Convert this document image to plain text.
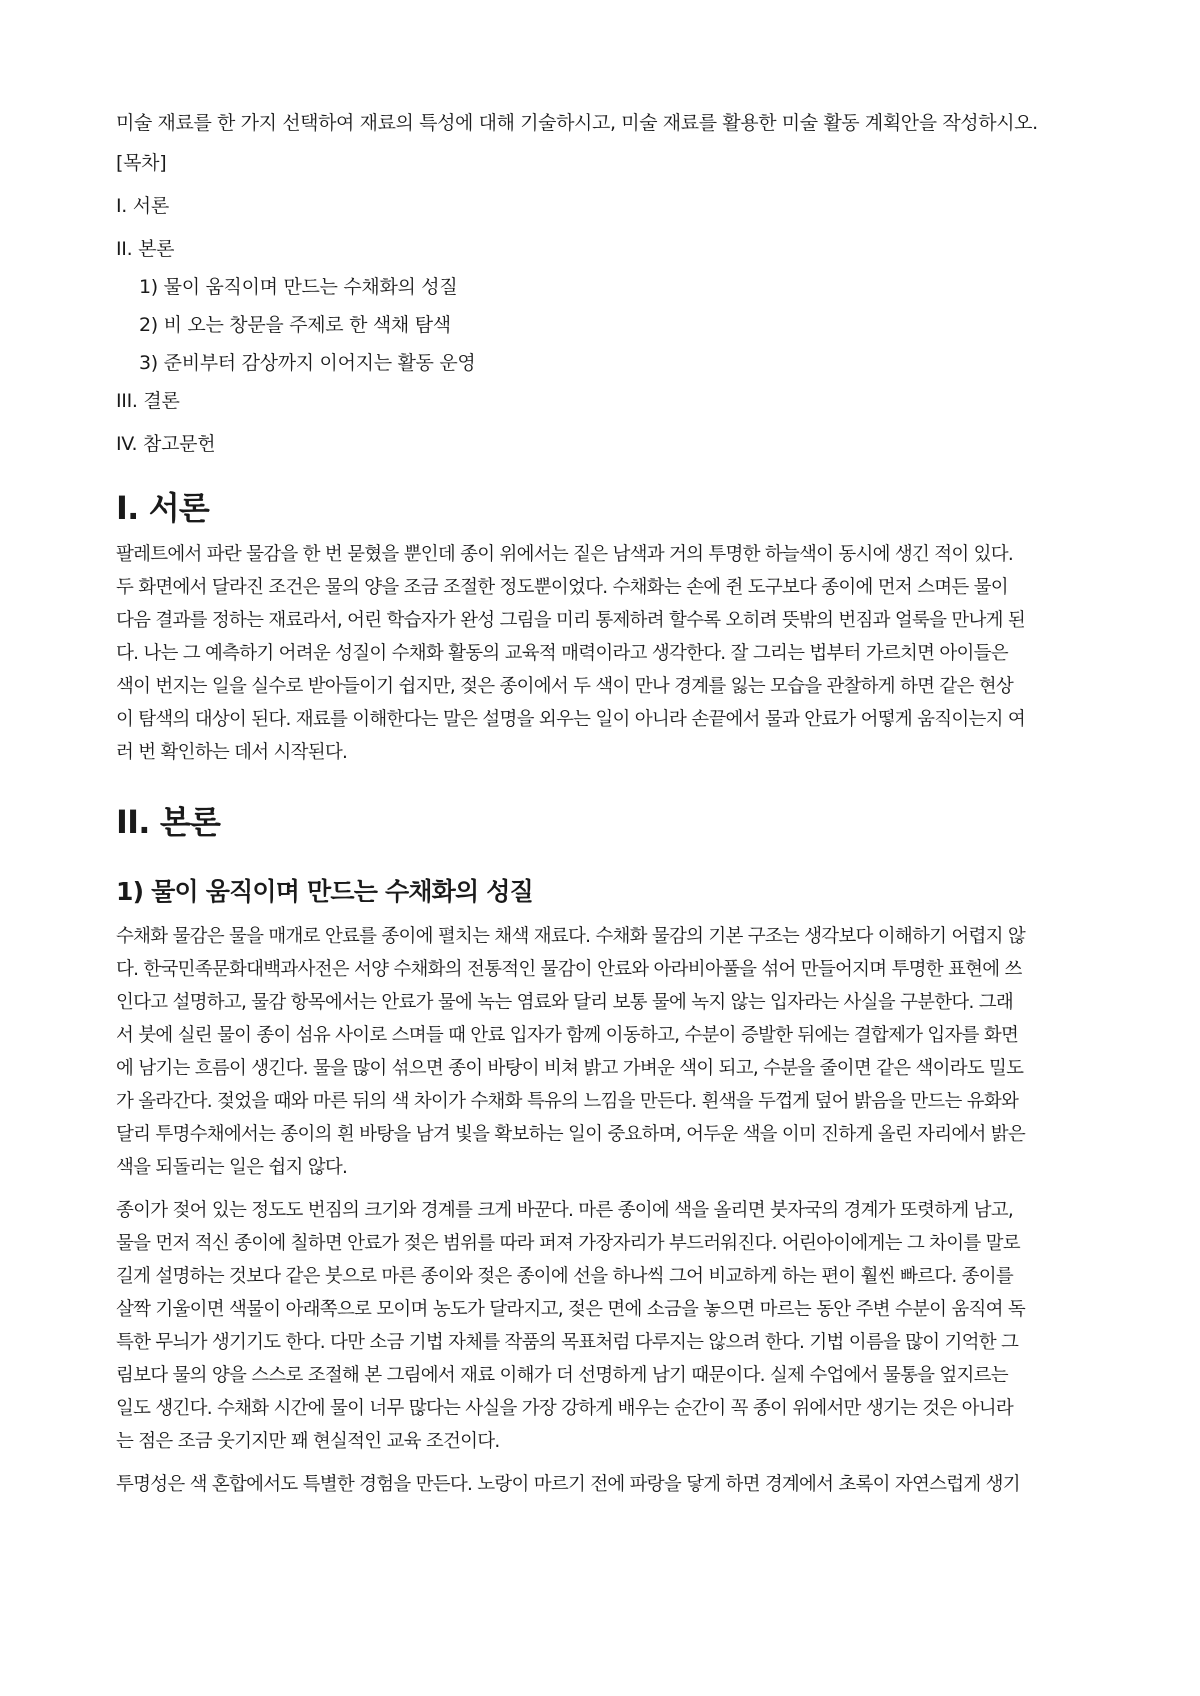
미술 재료를 한 가지 선택하여 재료의 특성에 대해 기술하시고, 미술 재료를 활용한 미술 활동 계획안을 작성하시오.

[목차]
I. 서론
II. 본론
1) 물이 움직이며 만드는 수채화의 성질
2) 비 오는 창문을 주제로 한 색채 탐색
3) 준비부터 감상까지 이어지는 활동 운영
III. 결론
IV. 참고문헌
I. 서론
팔레트에서 파란 물감을 한 번 묻혔을 뿐인데 종이 위에서는 짙은 남색과 거의 투명한 하늘색이 동시에 생긴 적이 있다.
두 화면에서 달라진 조건은 물의 양을 조금 조절한 정도뿐이었다. 수채화는 손에 쥔 도구보다 종이에 먼저 스며든 물이
다음 결과를 정하는 재료라서, 어린 학습자가 완성 그림을 미리 통제하려 할수록 오히려 뜻밖의 번짐과 얼룩을 만나게 된
다. 나는 그 예측하기 어려운 성질이 수채화 활동의 교육적 매력이라고 생각한다. 잘 그리는 법부터 가르치면 아이들은
색이 번지는 일을 실수로 받아들이기 쉽지만, 젖은 종이에서 두 색이 만나 경계를 잃는 모습을 관찰하게 하면 같은 현상
이 탐색의 대상이 된다. 재료를 이해한다는 말은 설명을 외우는 일이 아니라 손끝에서 물과 안료가 어떻게 움직이는지 여
러 번 확인하는 데서 시작된다.
II. 본론
1) 물이 움직이며 만드는 수채화의 성질
수채화 물감은 물을 매개로 안료를 종이에 펼치는 채색 재료다. 수채화 물감의 기본 구조는 생각보다 이해하기 어렵지 않
다. 한국민족문화대백과사전은 서양 수채화의 전통적인 물감이 안료와 아라비아풀을 섞어 만들어지며 투명한 표현에 쓰
인다고 설명하고, 물감 항목에서는 안료가 물에 녹는 염료와 달리 보통 물에 녹지 않는 입자라는 사실을 구분한다. 그래
서 붓에 실린 물이 종이 섬유 사이로 스며들 때 안료 입자가 함께 이동하고, 수분이 증발한 뒤에는 결합제가 입자를 화면
에 남기는 흐름이 생긴다. 물을 많이 섞으면 종이 바탕이 비쳐 밝고 가벼운 색이 되고, 수분을 줄이면 같은 색이라도 밀도
가 올라간다. 젖었을 때와 마른 뒤의 색 차이가 수채화 특유의 느낌을 만든다. 흰색을 두껍게 덮어 밝음을 만드는 유화와
달리 투명수채에서는 종이의 흰 바탕을 남겨 빛을 확보하는 일이 중요하며, 어두운 색을 이미 진하게 올린 자리에서 밝은
색을 되돌리는 일은 쉽지 않다.
종이가 젖어 있는 정도도 번짐의 크기와 경계를 크게 바꾼다. 마른 종이에 색을 올리면 붓자국의 경계가 또렷하게 남고,
물을 먼저 적신 종이에 칠하면 안료가 젖은 범위를 따라 퍼져 가장자리가 부드러워진다. 어린아이에게는 그 차이를 말로
길게 설명하는 것보다 같은 붓으로 마른 종이와 젖은 종이에 선을 하나씩 그어 비교하게 하는 편이 훨씬 빠르다. 종이를
살짝 기울이면 색물이 아래쪽으로 모이며 농도가 달라지고, 젖은 면에 소금을 놓으면 마르는 동안 주변 수분이 움직여 독
특한 무늬가 생기기도 한다. 다만 소금 기법 자체를 작품의 목표처럼 다루지는 않으려 한다. 기법 이름을 많이 기억한 그
림보다 물의 양을 스스로 조절해 본 그림에서 재료 이해가 더 선명하게 남기 때문이다. 실제 수업에서 물통을 엎지르는
일도 생긴다. 수채화 시간에 물이 너무 많다는 사실을 가장 강하게 배우는 순간이 꼭 종이 위에서만 생기는 것은 아니라
는 점은 조금 웃기지만 꽤 현실적인 교육 조건이다.
투명성은 색 혼합에서도 특별한 경험을 만든다. 노랑이 마르기 전에 파랑을 닿게 하면 경계에서 초록이 자연스럽게 생기
